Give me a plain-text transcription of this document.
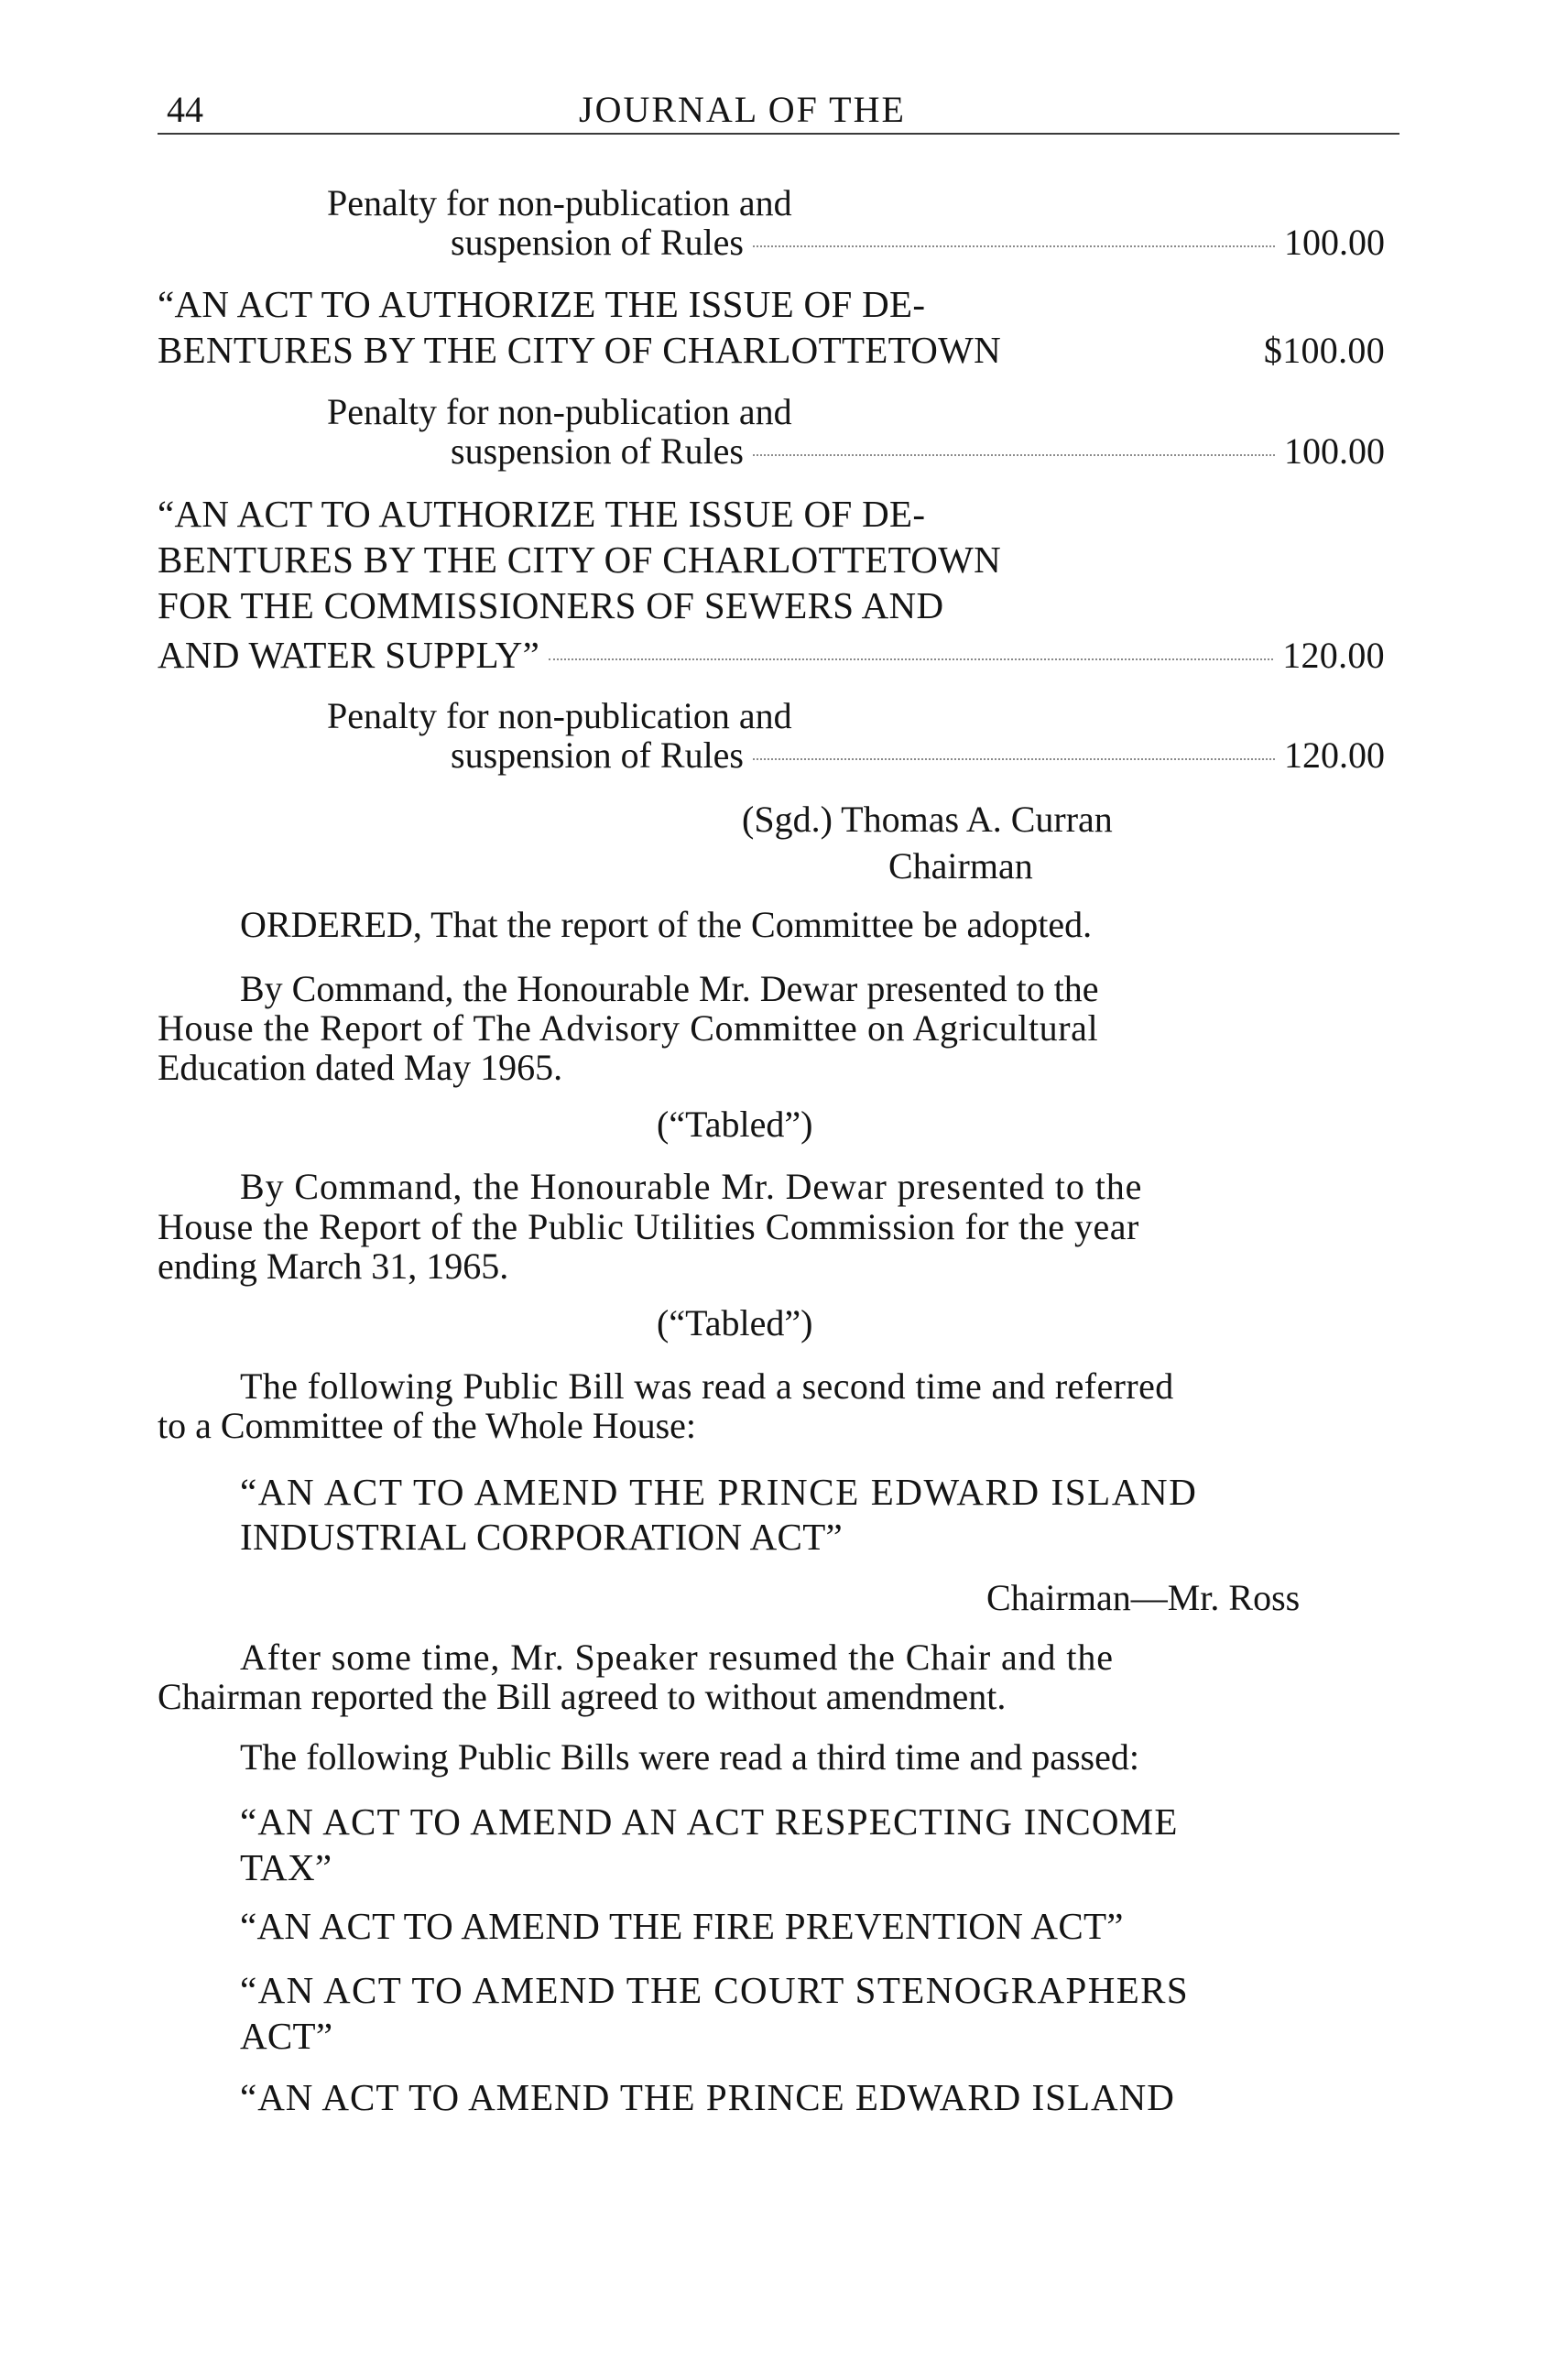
44	JOURNAL OF THE
Penalty for non-publication and
suspension of Rules	100.00
“AN ACT TO AUTHORIZE THE ISSUE OF DE-
BENTURES BY THE CITY OF CHARLOTTETOWN	$100.00
Penalty for non-publication and
suspension of Rules	100.00
“AN ACT TO AUTHORIZE THE ISSUE OF DE-
BENTURES BY THE CITY OF CHARLOTTETOWN
FOR THE COMMISSIONERS OF SEWERS AND
AND WATER SUPPLY”	120.00
Penalty for non-publication and
suspension of Rules	120.00
(Sgd.) Thomas A. Curran
Chairman
ORDERED, That the report of the Committee be adopted.
By Command, the Honourable Mr. Dewar presented to the
House the Report of The Advisory Committee on Agricultural
Education dated May 1965.
(“Tabled”)
By Command, the Honourable Mr. Dewar presented to the
House the Report of the Public Utilities Commission for the year
ending March 31, 1965.
(“Tabled”)
The following Public Bill was read a second time and referred
to a Committee of the Whole House:
“AN ACT TO AMEND THE PRINCE EDWARD ISLAND
INDUSTRIAL CORPORATION ACT”
Chairman—Mr. Ross
After some time, Mr. Speaker resumed the Chair and the
Chairman reported the Bill agreed to without amendment.
The following Public Bills were read a third time and passed:
“AN ACT TO AMEND AN ACT RESPECTING INCOME
TAX”
“AN ACT TO AMEND THE FIRE PREVENTION ACT”
“AN ACT TO AMEND THE COURT STENOGRAPHERS
ACT”
“AN ACT TO AMEND THE PRINCE EDWARD ISLAND
